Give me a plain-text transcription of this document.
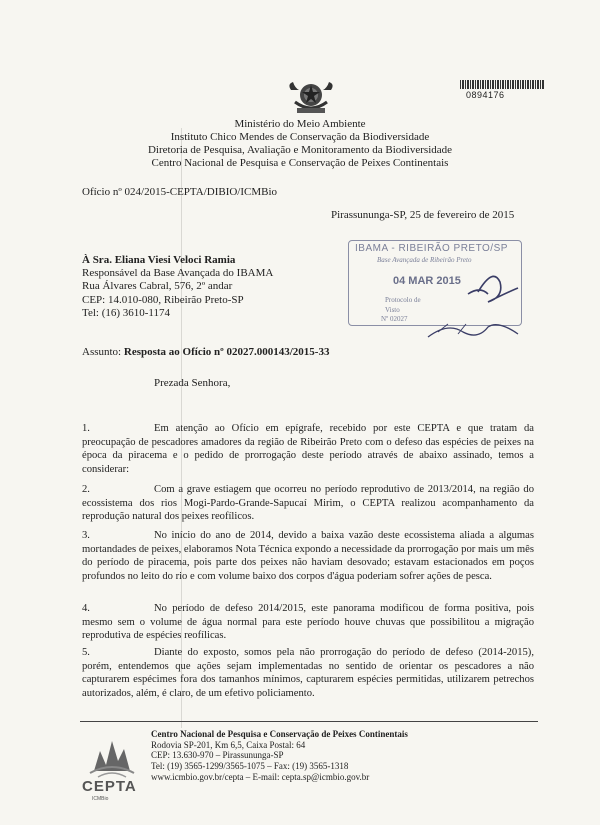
0894176
Ministério do Meio Ambiente
Instituto Chico Mendes de Conservação da Biodiversidade
Diretoria de Pesquisa, Avaliação e Monitoramento da Biodiversidade
Centro Nacional de Pesquisa e Conservação de Peixes Continentais
Ofício nº 024/2015-CEPTA/DIBIO/ICMBio
Pirassununga-SP, 25 de fevereiro de 2015
À Sra. Eliana Viesi Veloci Ramia
Responsável da Base Avançada do IBAMA
Rua Álvares Cabral, 576, 2º andar
CEP: 14.010-080, Ribeirão Preto-SP
Tel: (16) 3610-1174
Assunto: Resposta ao Ofício nº 02027.000143/2015-33
Prezada Senhora,

1.	Em atenção ao Ofício em epígrafe, recebido por este CEPTA e que tratam da preocupação de pescadores amadores da região de Ribeirão Preto com o defeso das espécies de peixes na época da piracema e o pedido de prorrogação deste período através de abaixo assinado, temos a considerar:

2.	Com a grave estiagem que ocorreu no período reprodutivo de 2013/2014, na região do ecossistema dos rios Mogi-Pardo-Grande-Sapucaí Mirim, o CEPTA realizou acompanhamento da reprodução natural dos peixes reofílicos.

3.	No início do ano de 2014, devido a baixa vazão deste ecossistema aliada a algumas mortandades de peixes, elaboramos Nota Técnica expondo a necessidade da prorrogação por mais um mês do período de piracema, pois parte dos peixes não haviam desovado; estavam estacionados em poços profundos no leito do rio e com volume baixo dos corpos d'água poderiam sofrer ações de pesca.

4.	No período de defeso 2014/2015, este panorama modificou de forma positiva, pois mesmo sem o volume de água normal para este período houve chuvas que possibilitou a migração reprodutiva de espécies reofílicas.

5.	Diante do exposto, somos pela não prorrogação do período de defeso (2014-2015), porém, entendemos que ações sejam implementadas no sentido de orientar os pescadores a não capturarem espécimes fora dos tamanhos mínimos, capturarem espécies permitidas, utilizarem petrechos autorizados, além, é claro, de um efetivo policiamento.

IBAMA - RIBEIRÃO PRETO/SP
Base Avançada de Ribeirão Preto
04 MAR 2015
Protocolo de
Visto
Nº 02027
CEPTA
ICMBio
Centro Nacional de Pesquisa e Conservação de Peixes Continentais
Rodovia SP-201, Km 6,5, Caixa Postal: 64
CEP: 13.630-970 – Pirassununga-SP
Tel: (19) 3565-1299/3565-1075 – Fax: (19) 3565-1318
www.icmbio.gov.br/cepta – E-mail: cepta.sp@icmbio.gov.br
